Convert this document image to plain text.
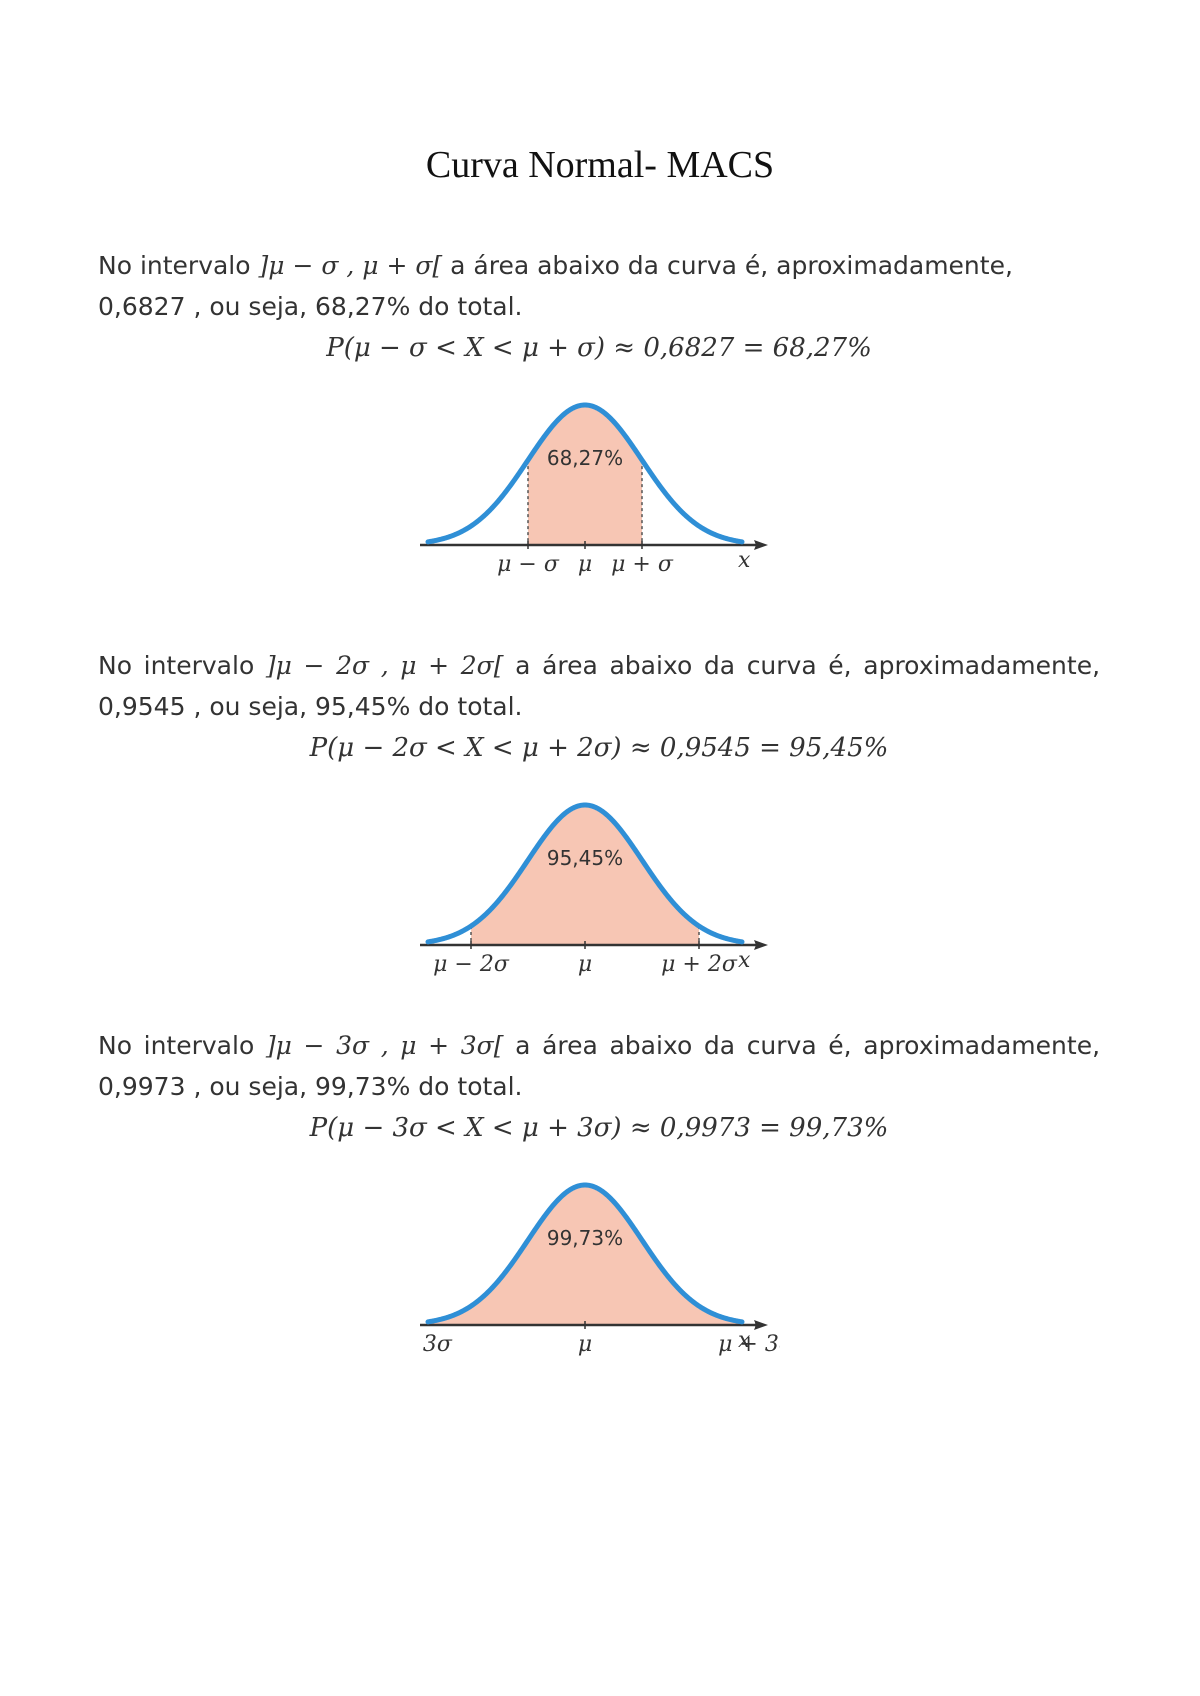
Curva Normal- MACS

No intervalo ]μ − σ , μ + σ[ a área abaixo da curva é, aproximadamente, 0,6827 , ou seja, 68,27% do total.

P(μ − σ < X < μ + σ) ≈ 0,6827 = 68,27%

μ − σ μ μ + σ	x
68,27%

No intervalo ]μ − 2σ , μ + 2σ[ a área abaixo da curva é, aproximadamente, 0,9545 , ou seja, 95,45% do total.

P(μ − 2σ < X < μ + 2σ) ≈ 0,9545 = 95,45%

μ − 2σ	μ	μ + 2σ x
95,45%

No intervalo ]μ − 3σ , μ + 3σ[ a área abaixo da curva é, aproximadamente, 0,9973 , ou seja, 99,73% do total.

P(μ − 3σ < X < μ + 3σ) ≈ 0,9973 = 99,73%

3σ	μ	μ + 3
x
99,73%
